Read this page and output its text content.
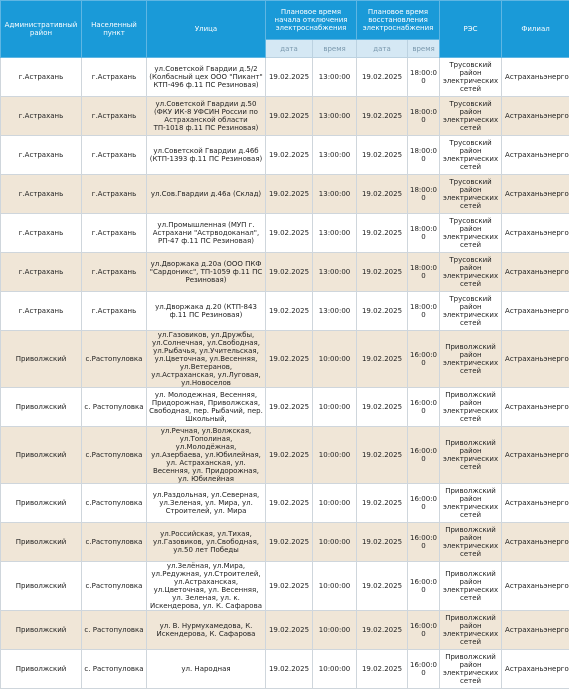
Административный район	Населенный пункт	Улица	Плановое время начала отключения электроснабжения		Плановое время восстановления электроснабжения		РЭС	Филиал
			дата	время	дата	время		
г.Астрахань	г.Астрахань	ул.Советской Гвардии д.5/2 (Колбасный цех ООО "Пикант" КТП-496 ф.11 ПС Резиновая)	19.02.2025	13:00:00	19.02.2025	18:00:00	Трусовский район электрических сетей	Астраханьэнерго
г.Астрахань	г.Астрахань	ул.Советской Гвардии д.50 (ФКУ ИК-8 УФСИН России по Астраханской области ТП-1018 ф.11 ПС Резиновая)	19.02.2025	13:00:00	19.02.2025	18:00:00	Трусовский район электрических сетей	Астраханьэнерго
г.Астрахань	г.Астрахань	ул.Советской Гвардии д.46б (КТП-1393 ф.11 ПС Резиновая)	19.02.2025	13:00:00	19.02.2025	18:00:00	Трусовский район электрических сетей	Астраханьэнерго
г.Астрахань	г.Астрахань	ул.Сов.Гвардии д.46а (Склад)	19.02.2025	13:00:00	19.02.2025	18:00:00	Трусовский район электрических сетей	Астраханьэнерго
г.Астрахань	г.Астрахань	ул.Промышленная (МУП г. Астрахани "Астрводоканал", РП-47 ф.11 ПС Резиновая)	19.02.2025	13:00:00	19.02.2025	18:00:00	Трусовский район электрических сетей	Астраханьэнерго
г.Астрахань	г.Астрахань	ул.Дворжака д.20а (ООО ПКФ "Сардоникс", ТП-1059 ф.11 ПС Резиновая)	19.02.2025	13:00:00	19.02.2025	18:00:00	Трусовский район электрических сетей	Астраханьэнерго
г.Астрахань	г.Астрахань	ул.Дворжака д.20 (КТП-843 ф.11 ПС Резиновая)	19.02.2025	13:00:00	19.02.2025	18:00:00	Трусовский район электрических сетей	Астраханьэнерго
Приволжский	с.Растопуловка	ул.Газовиков, ул.Дружбы, ул.Солнечная, ул.Свободная, ул.Рыбачья, ул.Учительская, ул.Цветочная, ул.Весенняя, ул.Ветеранов, ул.Астраханская, ул.Луговая, ул.Новоселов	19.02.2025	10:00:00	19.02.2025	16:00:00	Приволжский район электрических сетей	Астраханьэнерго
Приволжский	с. Растопуловка	ул. Молодежная, Весенняя, Придорожная, Приволжская, Свободная, пер. Рыбачий, пер. Школьный,	19.02.2025	10:00:00	19.02.2025	16:00:00	Приволжский район электрических сетей	Астраханьэнерго
Приволжский	с.Растопуловка	ул.Речная, ул.Волжская, ул.Тополиная, ул.Молодёжная, ул.Азербаева, ул.Юбилейная, ул. Астраханская, ул. Весенняя, ул. Придорожная, ул. Юбилейная	19.02.2025	10:00:00	19.02.2025	16:00:00	Приволжский район электрических сетей	Астраханьэнерго
Приволжский	с.Растопуловка	ул.Раздольная, ул.Северная, ул.Зеленая, ул. Мира, ул. Строителей, ул. Мира	19.02.2025	10:00:00	19.02.2025	16:00:00	Приволжский район электрических сетей	Астраханьэнерго
Приволжский	с.Растопуловка	ул.Российская, ул.Тихая, ул.Газовиков, ул.Свободная, ул.50 лет Победы	19.02.2025	10:00:00	19.02.2025	16:00:00	Приволжский район электрических сетей	Астраханьэнерго
Приволжский	с.Растопуловка	ул.Зелёная, ул.Мира, ул.Редужная, ул.Строителей, ул.Астраханская, ул.Цветочная, ул. Весенняя, ул. Зеленая, ул. к. Искендерова, ул. К. Сафарова	19.02.2025	10:00:00	19.02.2025	16:00:00	Приволжский район электрических сетей	Астраханьэнерго
Приволжский	с. Растопуловка	ул. В. Нурмухамедова, К. Искендерова, К. Сафарова	19.02.2025	10:00:00	19.02.2025	16:00:00	Приволжский район электрических сетей	Астраханьэнерго
Приволжский	с. Растопуловка	ул. Народная	19.02.2025	10:00:00	19.02.2025	16:00:00	Приволжский район электрических сетей	Астраханьэнерго
